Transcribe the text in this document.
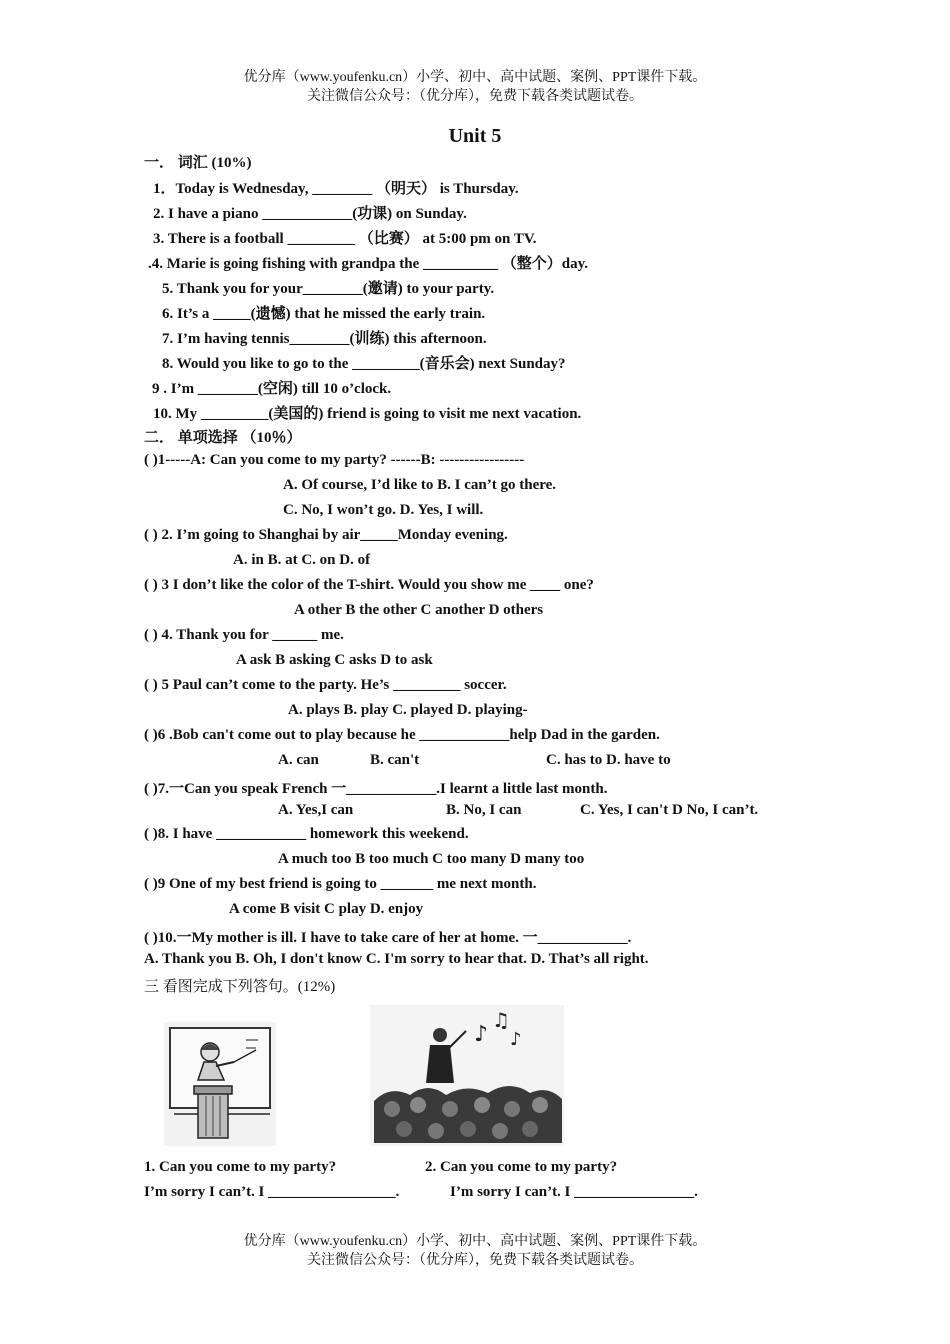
优分库（www.youfenku.cn）小学、初中、高中试题、案例、PPT课件下载。
关注微信公众号：（优分库），免费下载各类试题试卷。
Unit 5
一． 词汇 (10%)
1．Today is Wednesday, ________ （明天） is Thursday.
2. I have a piano ____________(功课) on Sunday.
3. There is a football _________ （比赛） at 5:00 pm on TV.
.4. Marie is going fishing with grandpa the __________ （整个）day.
5. Thank you for your________(邀请) to your party.
6. It’s a _____(遗憾) that he missed the early train.
7. I’m having tennis________(训练) this afternoon.
8. Would you like to go to the _________(音乐会) next Sunday?
9 . I’m ________(空闲) till 10 o’clock.
10. My _________(美国的) friend is going to visit me next vacation.
二． 单项选择 （10％）
( )1-----A: Can you come to my party? ------B: -----------------
A. Of course, I’d like to B. I can’t go there.
C. No, I won’t go. D. Yes, I will.
( ) 2. I’m going to Shanghai by air_____Monday evening.
A. in B. at C. on D. of
( ) 3 I don’t like the color of the T-shirt. Would you show me ____ one?
A other B the other C another D others
( ) 4. Thank you for ______ me.
A ask B asking C asks D to ask
( ) 5 Paul can’t come to the party. He’s _________ soccer.
A. plays B. play C. played D. playing-
( )6 .Bob can't come out to play because he ____________help Dad in the garden.
A. can	B. can't	C. has to D. have to
( )7.一Can you speak French 一____________.I learnt a little last month.
A. Yes,I can	B. No, I can	C. Yes, I can't D No, I can’t.
( )8. I have ____________ homework this weekend.
A much too B too much C too many D many too
( )9 One of my best friend is going to _______ me next month.
A come B visit C play D. enjoy
( )10.一My mother is ill. I have to take care of her at home. 一____________.
A. Thank you B. Oh, I don't know C. I'm sorry to hear that. D. That’s all right.
三 看图完成下列答句。(12%)
♪
♫
♪
1. Can you come to my party?	2. Can you come to my party?
I’m sorry I can’t. I _________________.	I’m sorry I can’t. I ________________.
优分库（www.youfenku.cn）小学、初中、高中试题、案例、PPT课件下载。
关注微信公众号：（优分库），免费下载各类试题试卷。
